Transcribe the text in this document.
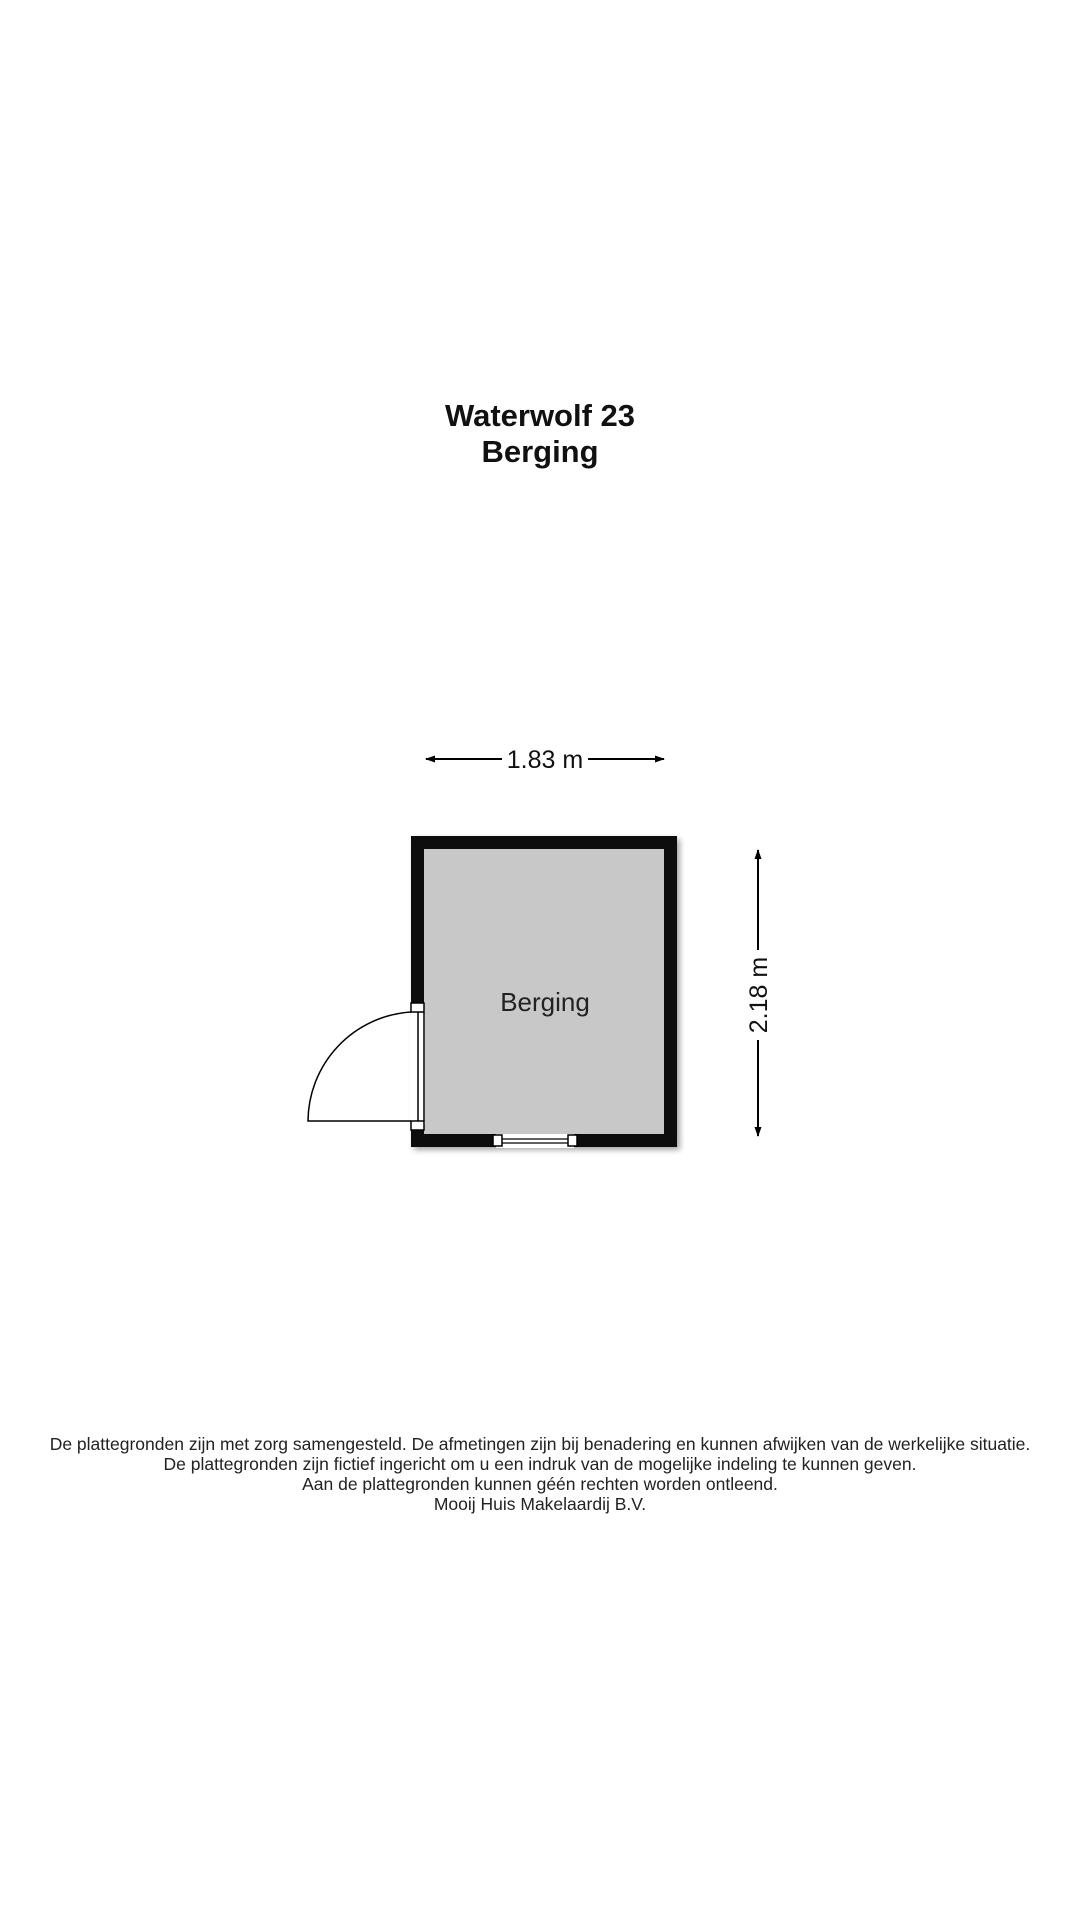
Waterwolf 23
Berging
1.83 m
2.18 m
Berging
De plattegronden zijn met zorg samengesteld. De afmetingen zijn bij benadering en kunnen afwijken van de werkelijke situatie.
De plattegronden zijn fictief ingericht om u een indruk van de mogelijke indeling te kunnen geven.
Aan de plattegronden kunnen géén rechten worden ontleend.
Mooij Huis Makelaardij B.V.
